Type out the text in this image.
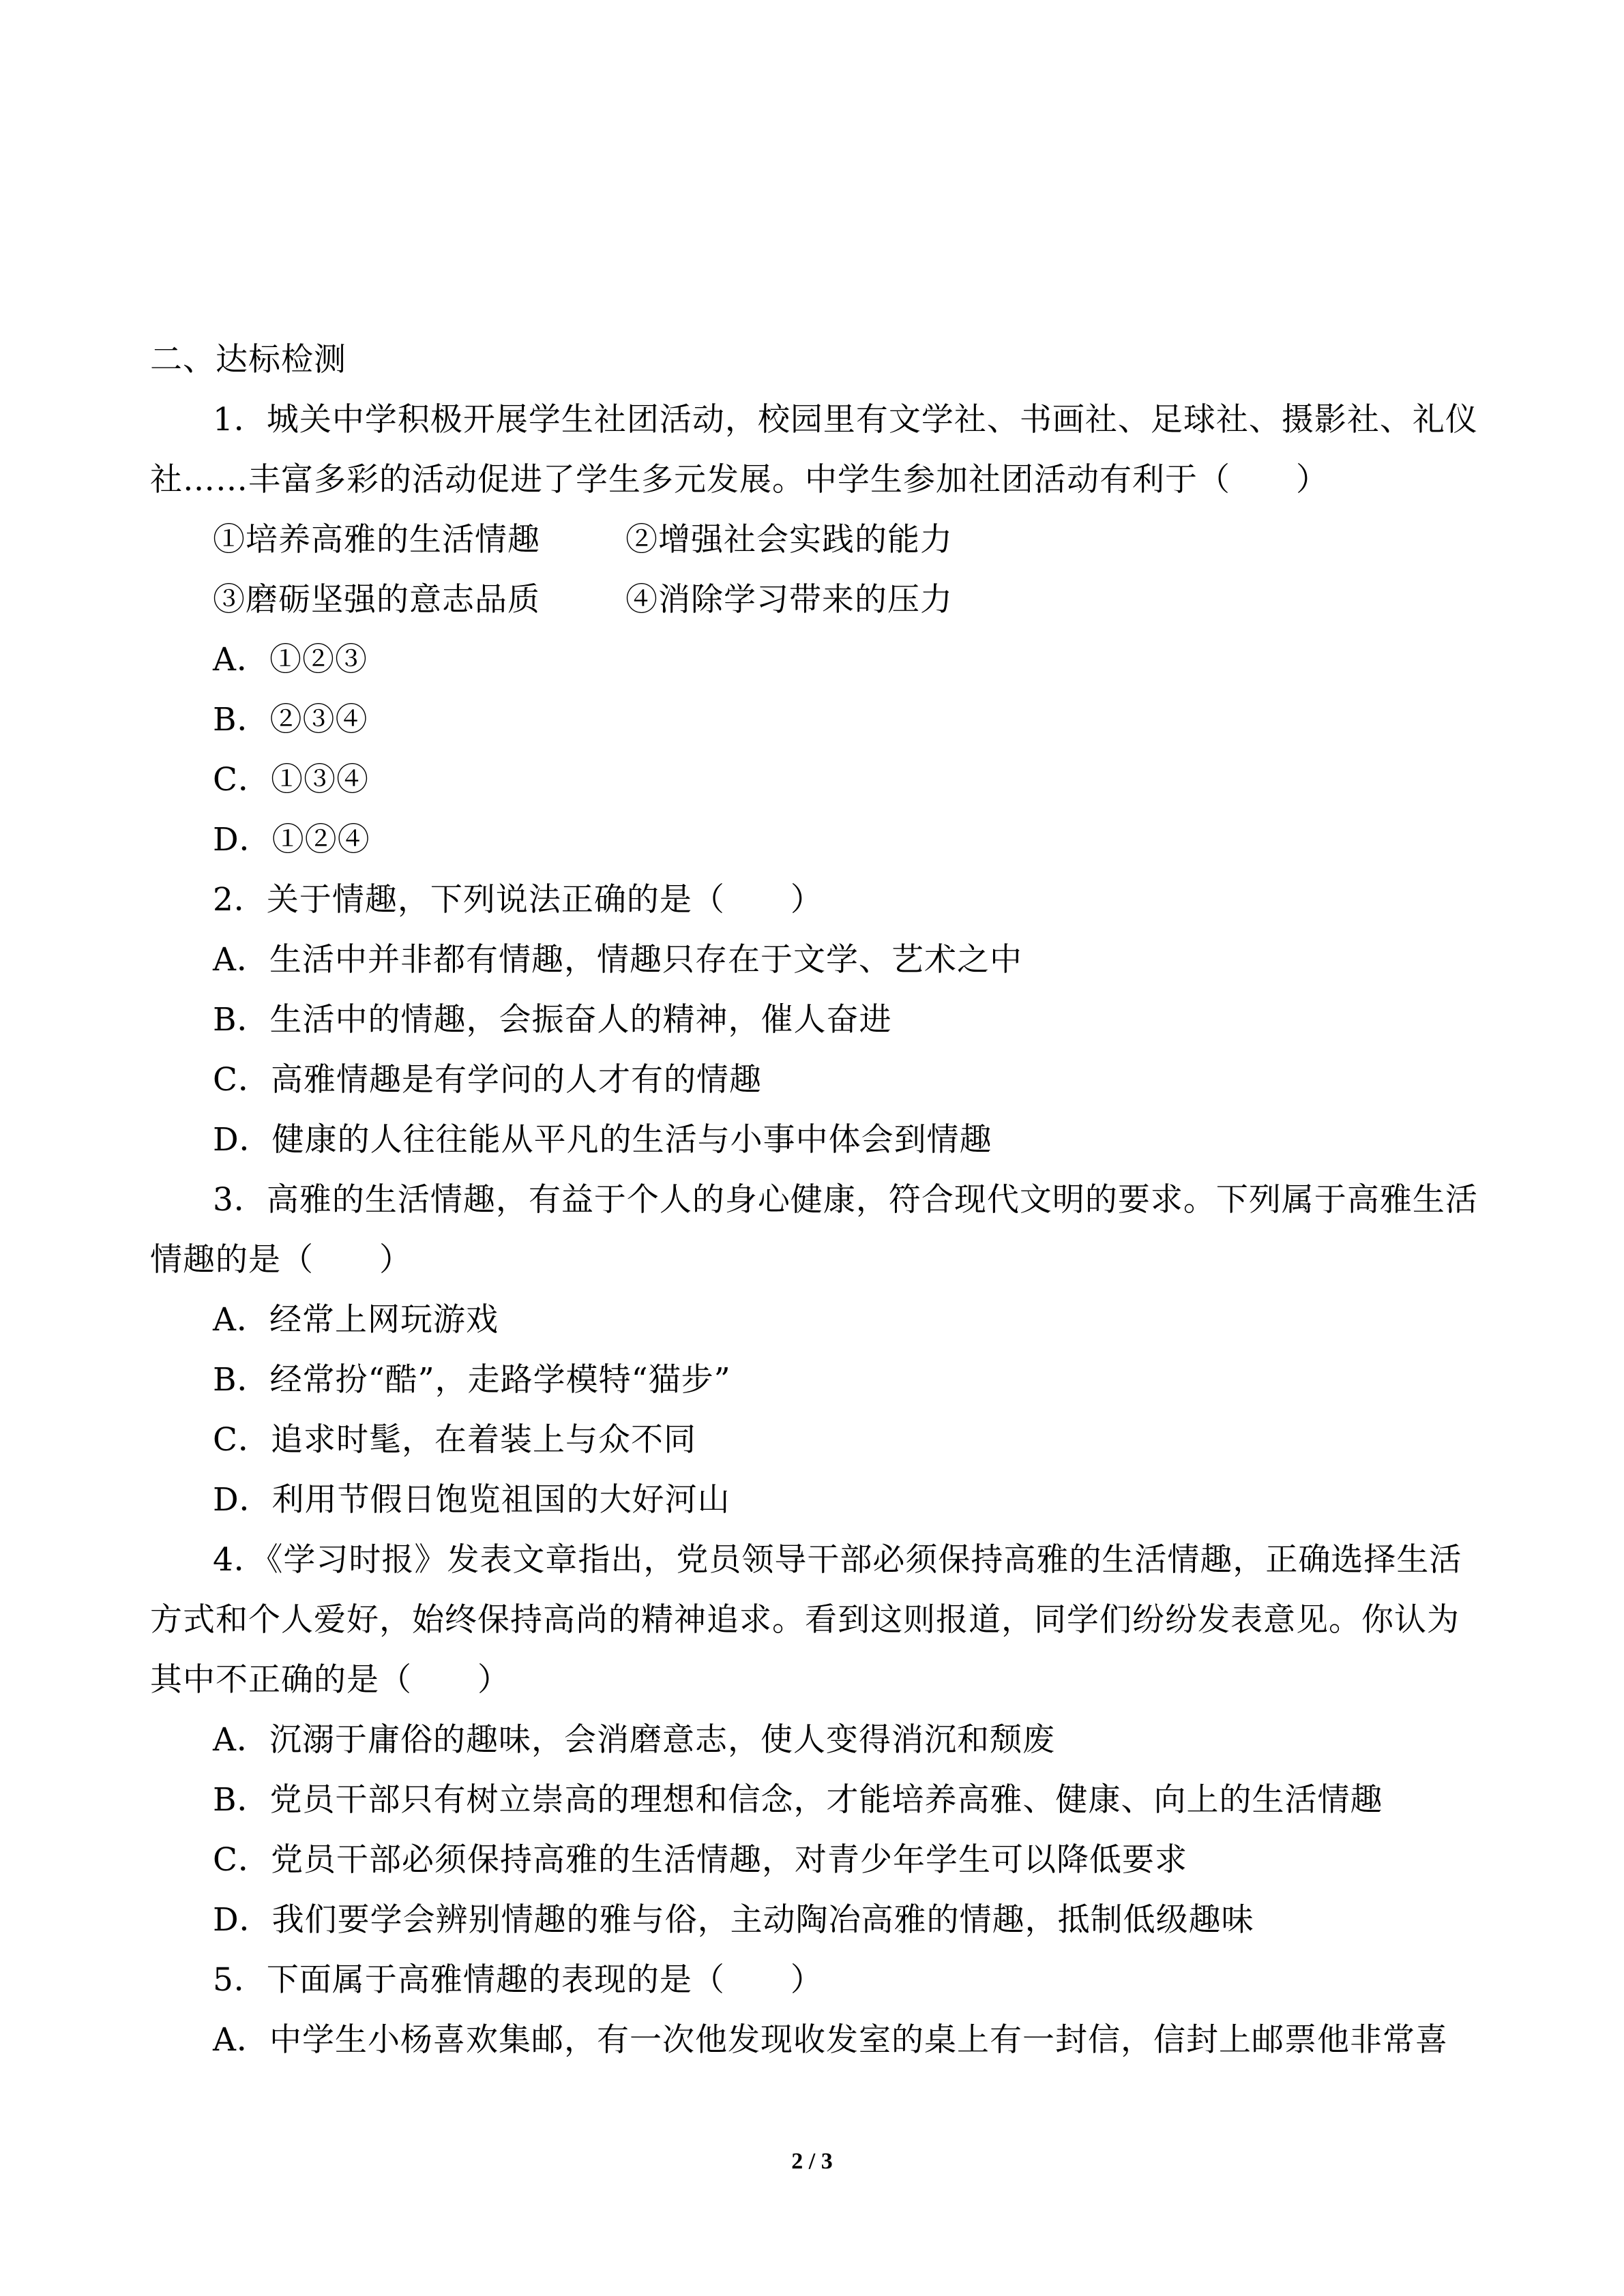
二、达标检测
1．城关中学积极开展学生社团活动，校园里有文学社、书画社、足球社、摄影社、礼仪
社……丰富多彩的活动促进了学生多元发展。中学生参加社团活动有利于（　　）
①培养高雅的生活情趣	②增强社会实践的能力
③磨砺坚强的意志品质	④消除学习带来的压力
A．①②③
B．②③④
C．①③④
D．①②④
2．关于情趣，下列说法正确的是（　　）
A．生活中并非都有情趣，情趣只存在于文学、艺术之中
B．生活中的情趣，会振奋人的精神，催人奋进
C．高雅情趣是有学问的人才有的情趣
D．健康的人往往能从平凡的生活与小事中体会到情趣
3．高雅的生活情趣，有益于个人的身心健康，符合现代文明的要求。下列属于高雅生活
情趣的是（　　）
A．经常上网玩游戏
B．经常扮“酷”，走路学模特“猫步”
C．追求时髦，在着装上与众不同
D．利用节假日饱览祖国的大好河山
4．《学习时报》发表文章指出，党员领导干部必须保持高雅的生活情趣，正确选择生活
方式和个人爱好，始终保持高尚的精神追求。看到这则报道，同学们纷纷发表意见。你认为
其中不正确的是（　　）
A．沉溺于庸俗的趣味，会消磨意志，使人变得消沉和颓废
B．党员干部只有树立崇高的理想和信念，才能培养高雅、健康、向上的生活情趣
C．党员干部必须保持高雅的生活情趣，对青少年学生可以降低要求
D．我们要学会辨别情趣的雅与俗，主动陶冶高雅的情趣，抵制低级趣味
5．下面属于高雅情趣的表现的是（　　）
A．中学生小杨喜欢集邮，有一次他发现收发室的桌上有一封信，信封上邮票他非常喜
2 / 3
